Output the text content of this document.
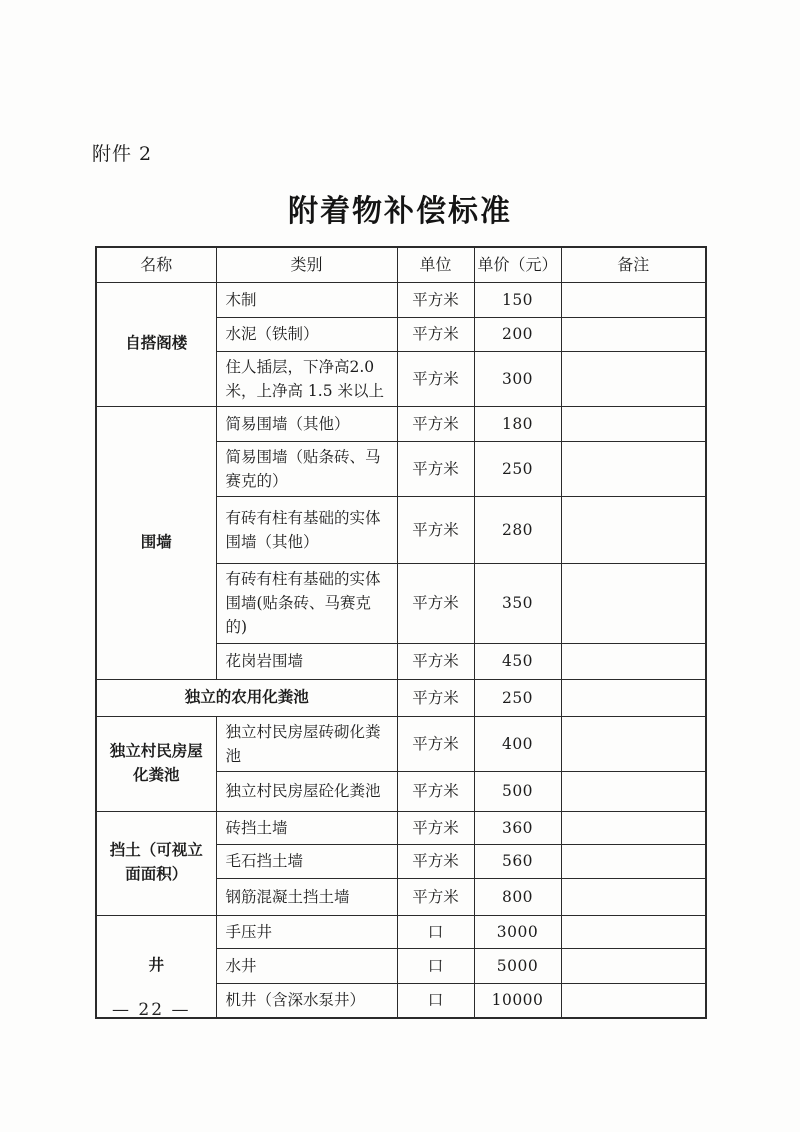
附件 2
附着物补偿标准
名称	类别	单位	单价（元）	备注
自搭阁楼	木制	平方米	150	
	水泥（铁制）	平方米	200	
	住人插层，下净高2.0米，上净高 1.5 米以上	平方米	300	
围墙	简易围墙（其他）	平方米	180	
	简易围墙（贴条砖、马赛克的）	平方米	250	
	有砖有柱有基础的实体围墙（其他）	平方米	280	
	有砖有柱有基础的实体围墙(贴条砖、马赛克的)	平方米	350	
	花岗岩围墙	平方米	450	
独立的农用化粪池		平方米	250	
独立村民房屋化粪池	独立村民房屋砖砌化粪池	平方米	400	
	独立村民房屋砼化粪池	平方米	500	
挡土（可视立面面积）	砖挡土墙	平方米	360	
	毛石挡土墙	平方米	560	
	钢筋混凝土挡土墙	平方米	800	
井	手压井	口	3000	
	水井	口	5000	
	机井（含深水泵井）	口	10000	
— 22 —
